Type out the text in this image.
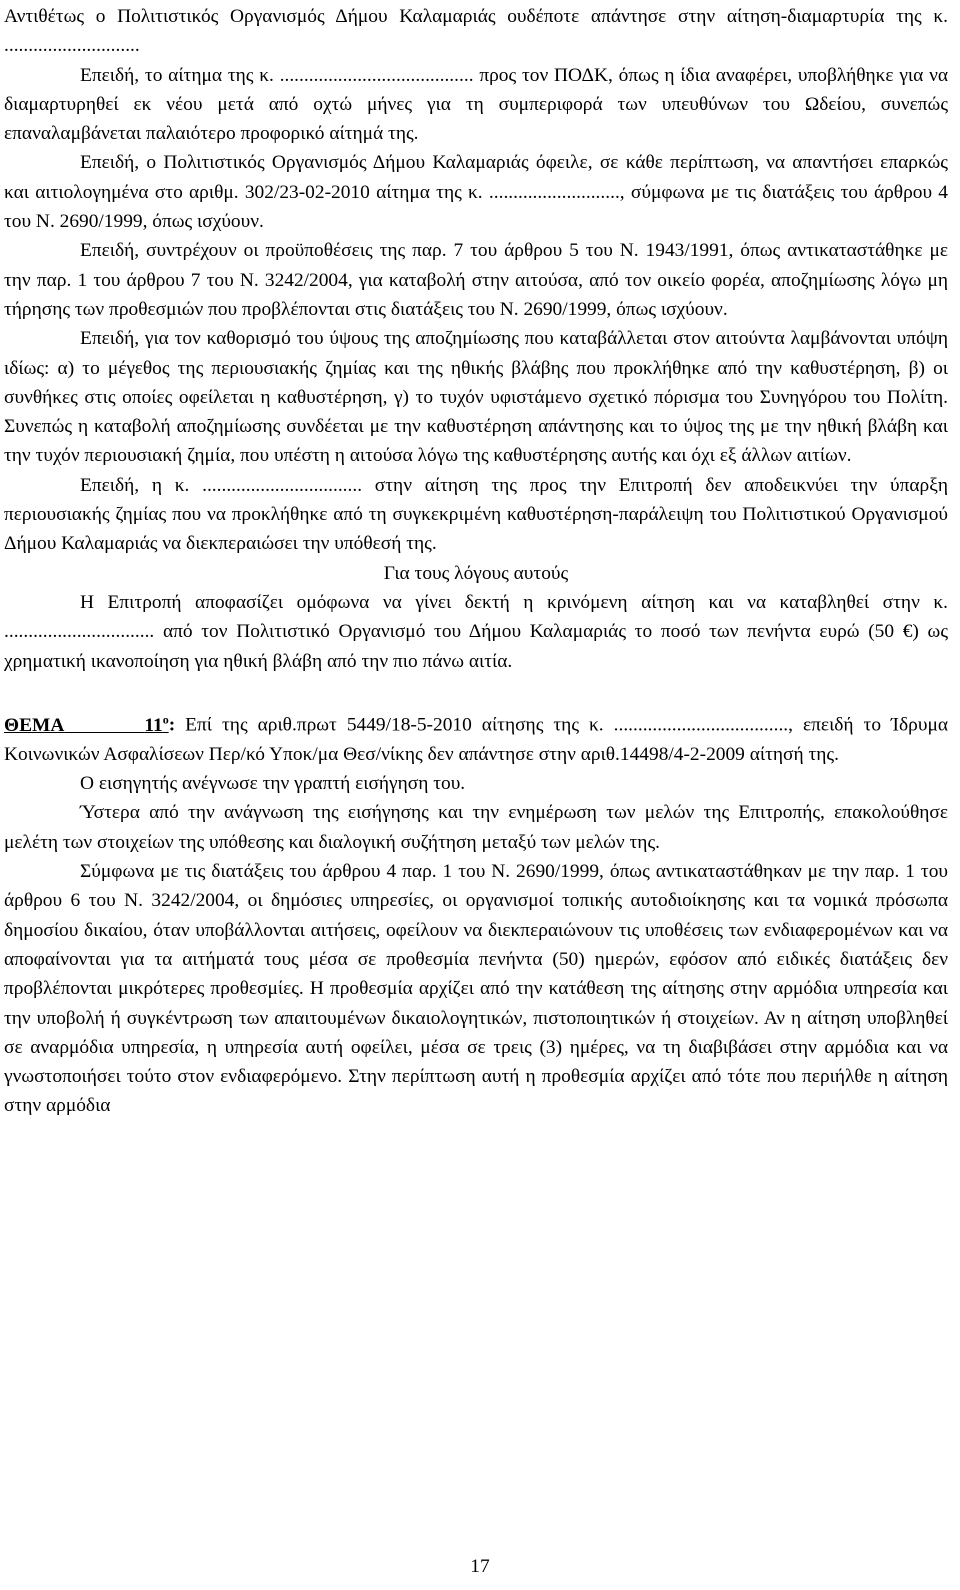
Αντιθέτως ο Πολιτιστικός Οργανισμός Δήμου Καλαμαριάς ουδέποτε απάντησε στην αίτηση-διαμαρτυρία της κ. ............................

Επειδή, το αίτημα της κ. ........................................ προς τον ΠΟΔΚ, όπως η ίδια αναφέρει, υποβλήθηκε για να διαμαρτυρηθεί εκ νέου μετά από οχτώ μήνες για τη συμπεριφορά των υπευθύνων του Ωδείου, συνεπώς επαναλαμβάνεται παλαιότερο προφορικό αίτημά της.

Επειδή, ο Πολιτιστικός Οργανισμός Δήμου Καλαμαριάς όφειλε, σε κάθε περίπτωση, να απαντήσει επαρκώς και αιτιολογημένα στο αριθμ. 302/23-02-2010 αίτημα της κ. ..........................., σύμφωνα με τις διατάξεις του άρθρου 4 του Ν. 2690/1999, όπως ισχύουν.

Επειδή, συντρέχουν οι προϋποθέσεις της παρ. 7 του άρθρου 5 του Ν. 1943/1991, όπως αντικαταστάθηκε με την παρ. 1 του άρθρου 7 του Ν. 3242/2004, για καταβολή στην αιτούσα, από τον οικείο φορέα, αποζημίωσης λόγω μη τήρησης των προθεσμιών που προβλέπονται στις διατάξεις του Ν. 2690/1999, όπως ισχύουν.

Επειδή, για τον καθορισμό του ύψους της αποζημίωσης που καταβάλλεται στον αιτούντα λαμβάνονται υπόψη ιδίως: α) το μέγεθος της περιουσιακής ζημίας και της ηθικής βλάβης που προκλήθηκε από την καθυστέρηση, β) οι συνθήκες στις οποίες οφείλεται η καθυστέρηση, γ) το τυχόν υφιστάμενο σχετικό πόρισμα του Συνηγόρου του Πολίτη. Συνεπώς η καταβολή αποζημίωσης συνδέεται με την καθυστέρηση απάντησης και το ύψος της με την ηθική βλάβη και την τυχόν περιουσιακή ζημία, που υπέστη η αιτούσα λόγω της καθυστέρησης αυτής και όχι εξ άλλων αιτίων.

Επειδή, η κ. ................................. στην αίτηση της προς την Επιτροπή δεν αποδεικνύει την ύπαρξη περιουσιακής ζημίας που να προκλήθηκε από τη συγκεκριμένη καθυστέρηση-παράλειψη του Πολιτιστικού Οργανισμού Δήμου Καλαμαριάς να διεκπεραιώσει την υπόθεσή της.

Για τους λόγους αυτούς

Η Επιτροπή αποφασίζει ομόφωνα να γίνει δεκτή η κρινόμενη αίτηση και να καταβληθεί στην κ. ............................... από τον Πολιτιστικό Οργανισμό του Δήμου Καλαμαριάς το ποσό των πενήντα ευρώ (50 €) ως χρηματική ικανοποίηση για ηθική βλάβη από την πιο πάνω αιτία.

ΘΕΜΑ	$11^o$: Επί της αριθ.πρωτ 5449/18-5-2010 αίτησης της κ. ...................................., επειδή το Ίδρυμα Κοινωνικών Ασφαλίσεων Περ/κό Υποκ/μα Θεσ/νίκης δεν απάντησε στην αριθ.14498/4-2-2009 αίτησή της.

Ο εισηγητής ανέγνωσε την γραπτή εισήγηση του.

Ύστερα από την ανάγνωση της εισήγησης και την ενημέρωση των μελών της Επιτροπής, επακολούθησε μελέτη των στοιχείων της υπόθεσης και διαλογική συζήτηση μεταξύ των μελών της.

Σύμφωνα με τις διατάξεις του άρθρου 4 παρ. 1 του Ν. 2690/1999, όπως αντικαταστάθηκαν με την παρ. 1 του άρθρου 6 του Ν. 3242/2004, οι δημόσιες υπηρεσίες, οι οργανισμοί τοπικής αυτοδιοίκησης και τα νομικά πρόσωπα δημοσίου δικαίου, όταν υποβάλλονται αιτήσεις, οφείλουν να διεκπεραιώνουν τις υποθέσεις των ενδιαφερομένων και να αποφαίνονται για τα αιτήματά τους μέσα σε προθεσμία πενήντα (50) ημερών, εφόσον από ειδικές διατάξεις δεν προβλέπονται μικρότερες προθεσμίες. Η προθεσμία αρχίζει από την κατάθεση της αίτησης στην αρμόδια υπηρεσία και την υποβολή ή συγκέντρωση των απαιτουμένων δικαιολογητικών, πιστοποιητικών ή στοιχείων. Αν η αίτηση υποβληθεί σε αναρμόδια υπηρεσία, η υπηρεσία αυτή οφείλει, μέσα σε τρεις (3) ημέρες, να τη διαβιβάσει στην αρμόδια και να γνωστοποιήσει τούτο στον ενδιαφερόμενο. Στην περίπτωση αυτή η προθεσμία αρχίζει από τότε που περιήλθε η αίτηση στην αρμόδια

17
